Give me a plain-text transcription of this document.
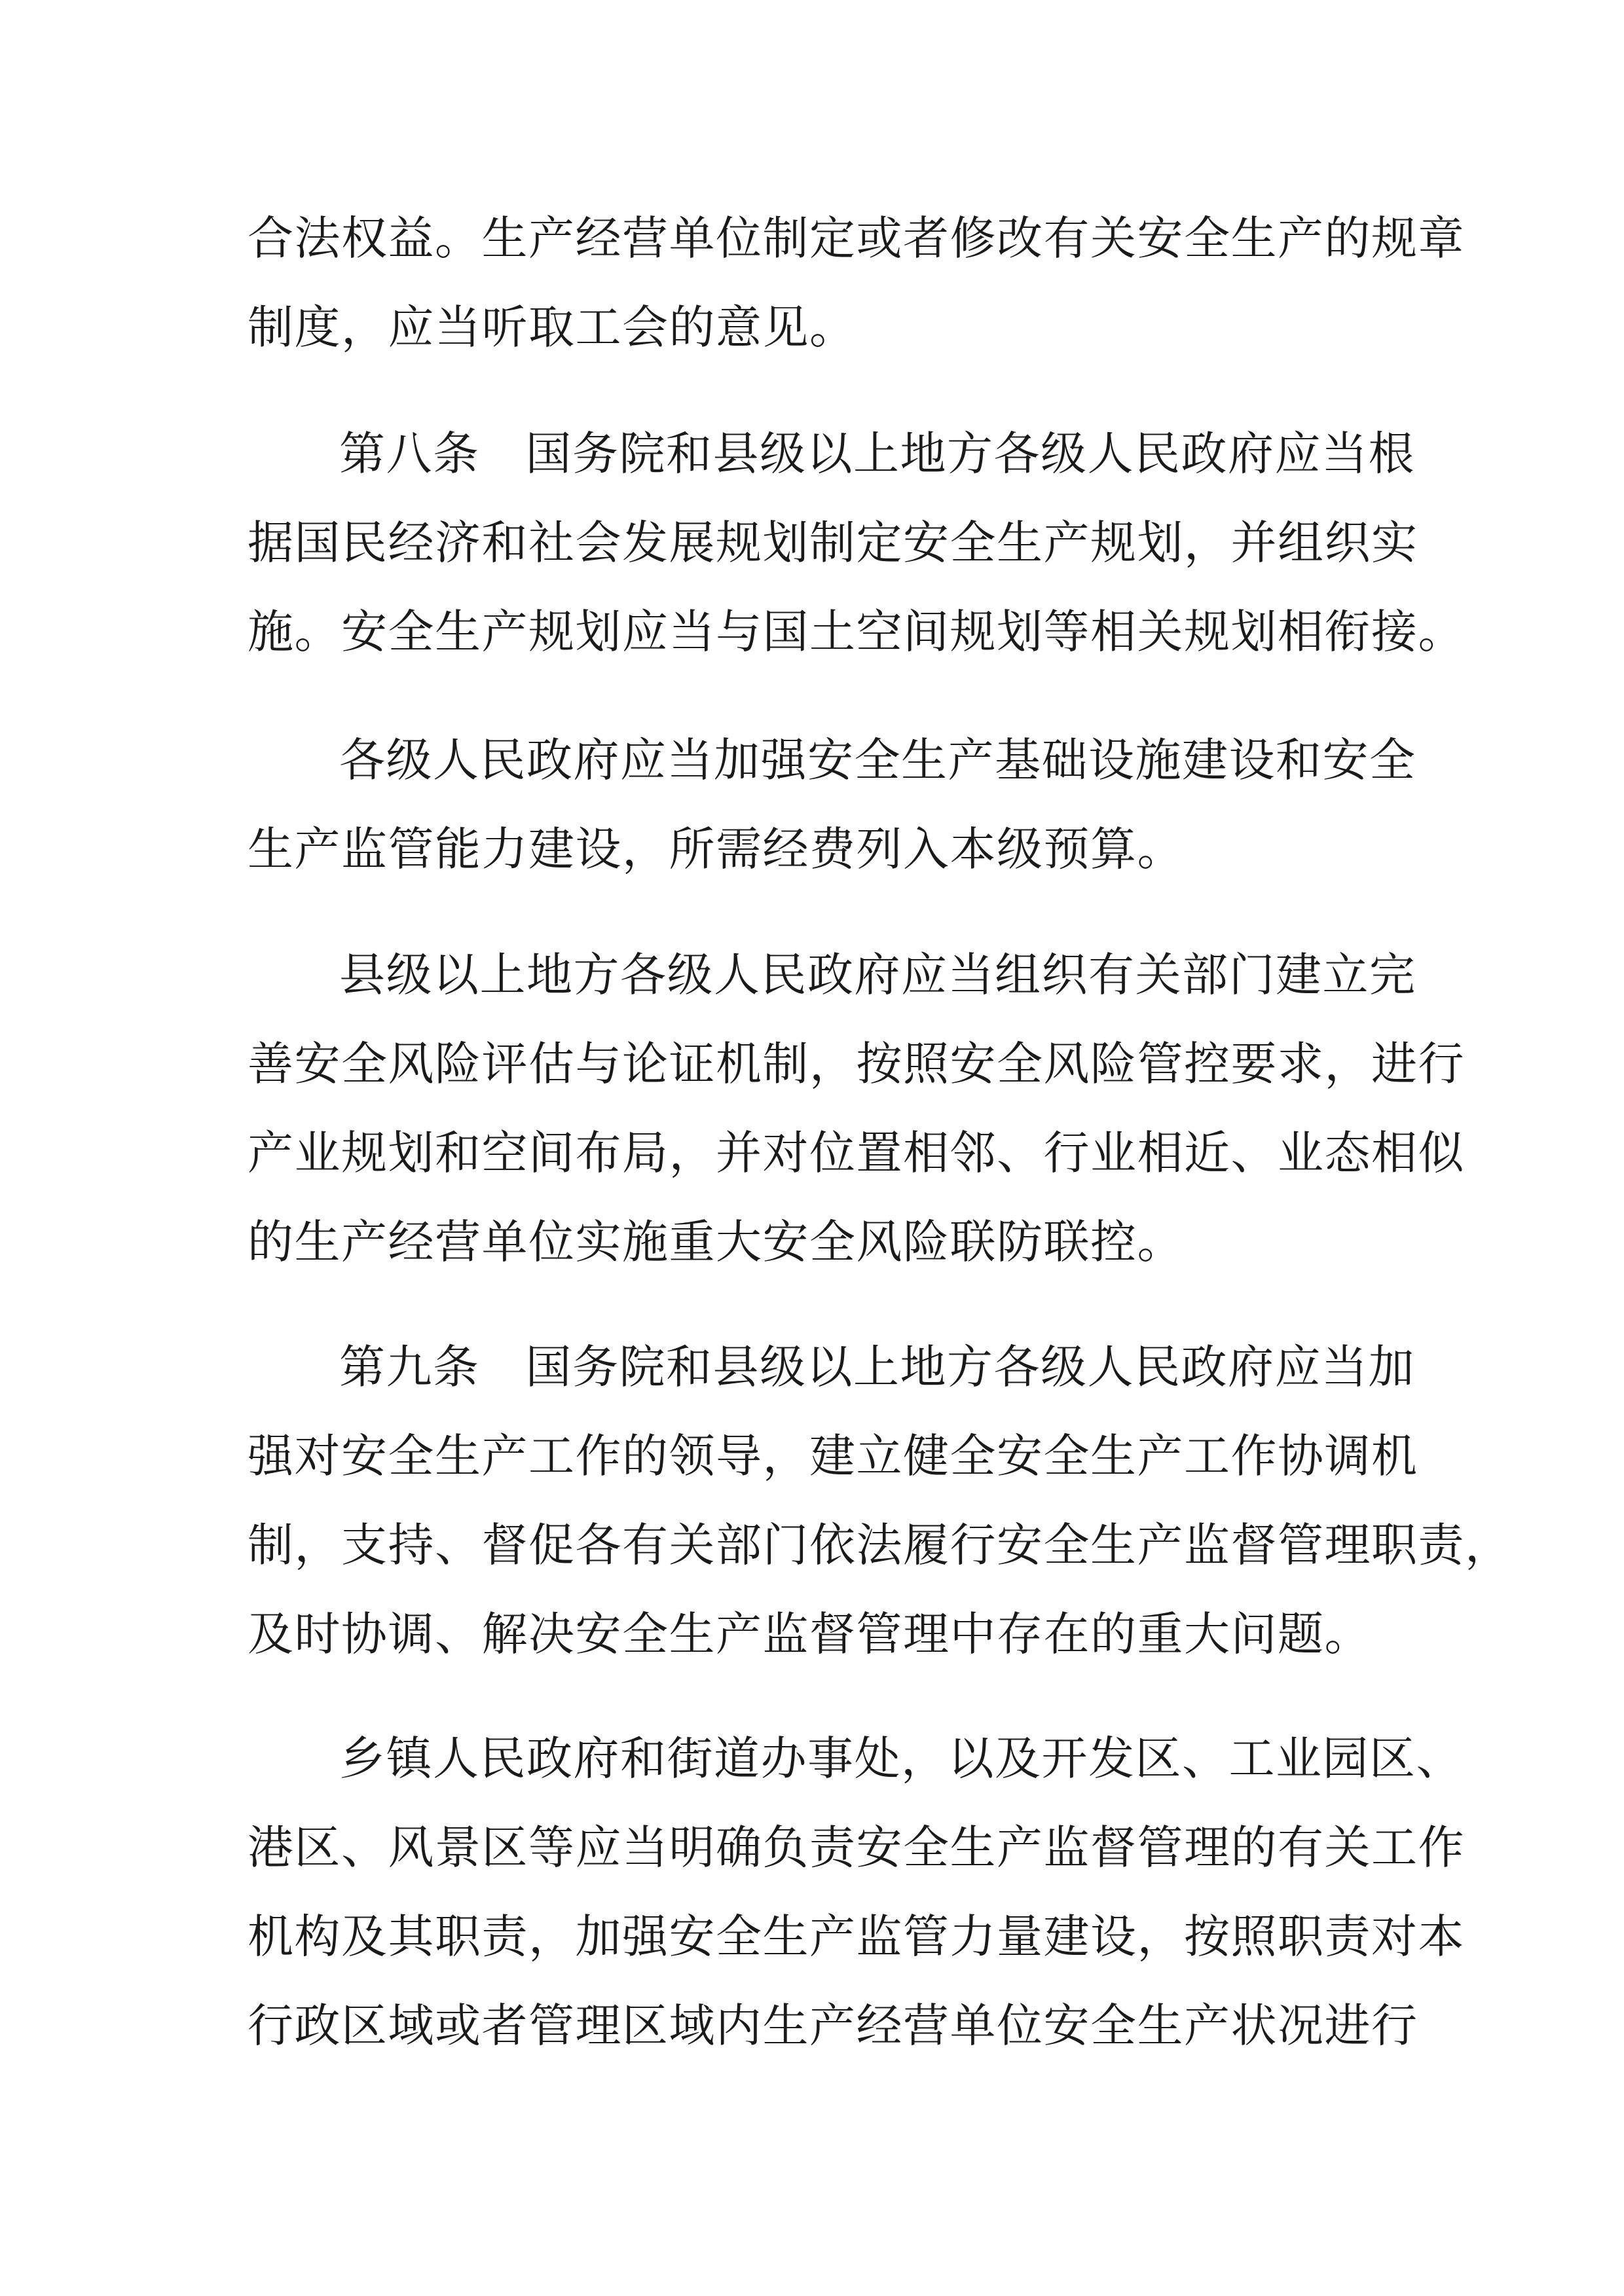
合法权益。生产经营单位制定或者修改有关安全生产的规章
制度，应当听取工会的意见。
第八条 国务院和县级以上地方各级人民政府应当根
据国民经济和社会发展规划制定安全生产规划，并组织实
施。安全生产规划应当与国土空间规划等相关规划相衔接。
各级人民政府应当加强安全生产基础设施建设和安全
生产监管能力建设，所需经费列入本级预算。
县级以上地方各级人民政府应当组织有关部门建立完
善安全风险评估与论证机制，按照安全风险管控要求，进行
产业规划和空间布局，并对位置相邻、行业相近、业态相似
的生产经营单位实施重大安全风险联防联控。
第九条 国务院和县级以上地方各级人民政府应当加
强对安全生产工作的领导，建立健全安全生产工作协调机
制，支持、督促各有关部门依法履行安全生产监督管理职责，
及时协调、解决安全生产监督管理中存在的重大问题。
乡镇人民政府和街道办事处，以及开发区、工业园区、
港区、风景区等应当明确负责安全生产监督管理的有关工作
机构及其职责，加强安全生产监管力量建设，按照职责对本
行政区域或者管理区域内生产经营单位安全生产状况进行
